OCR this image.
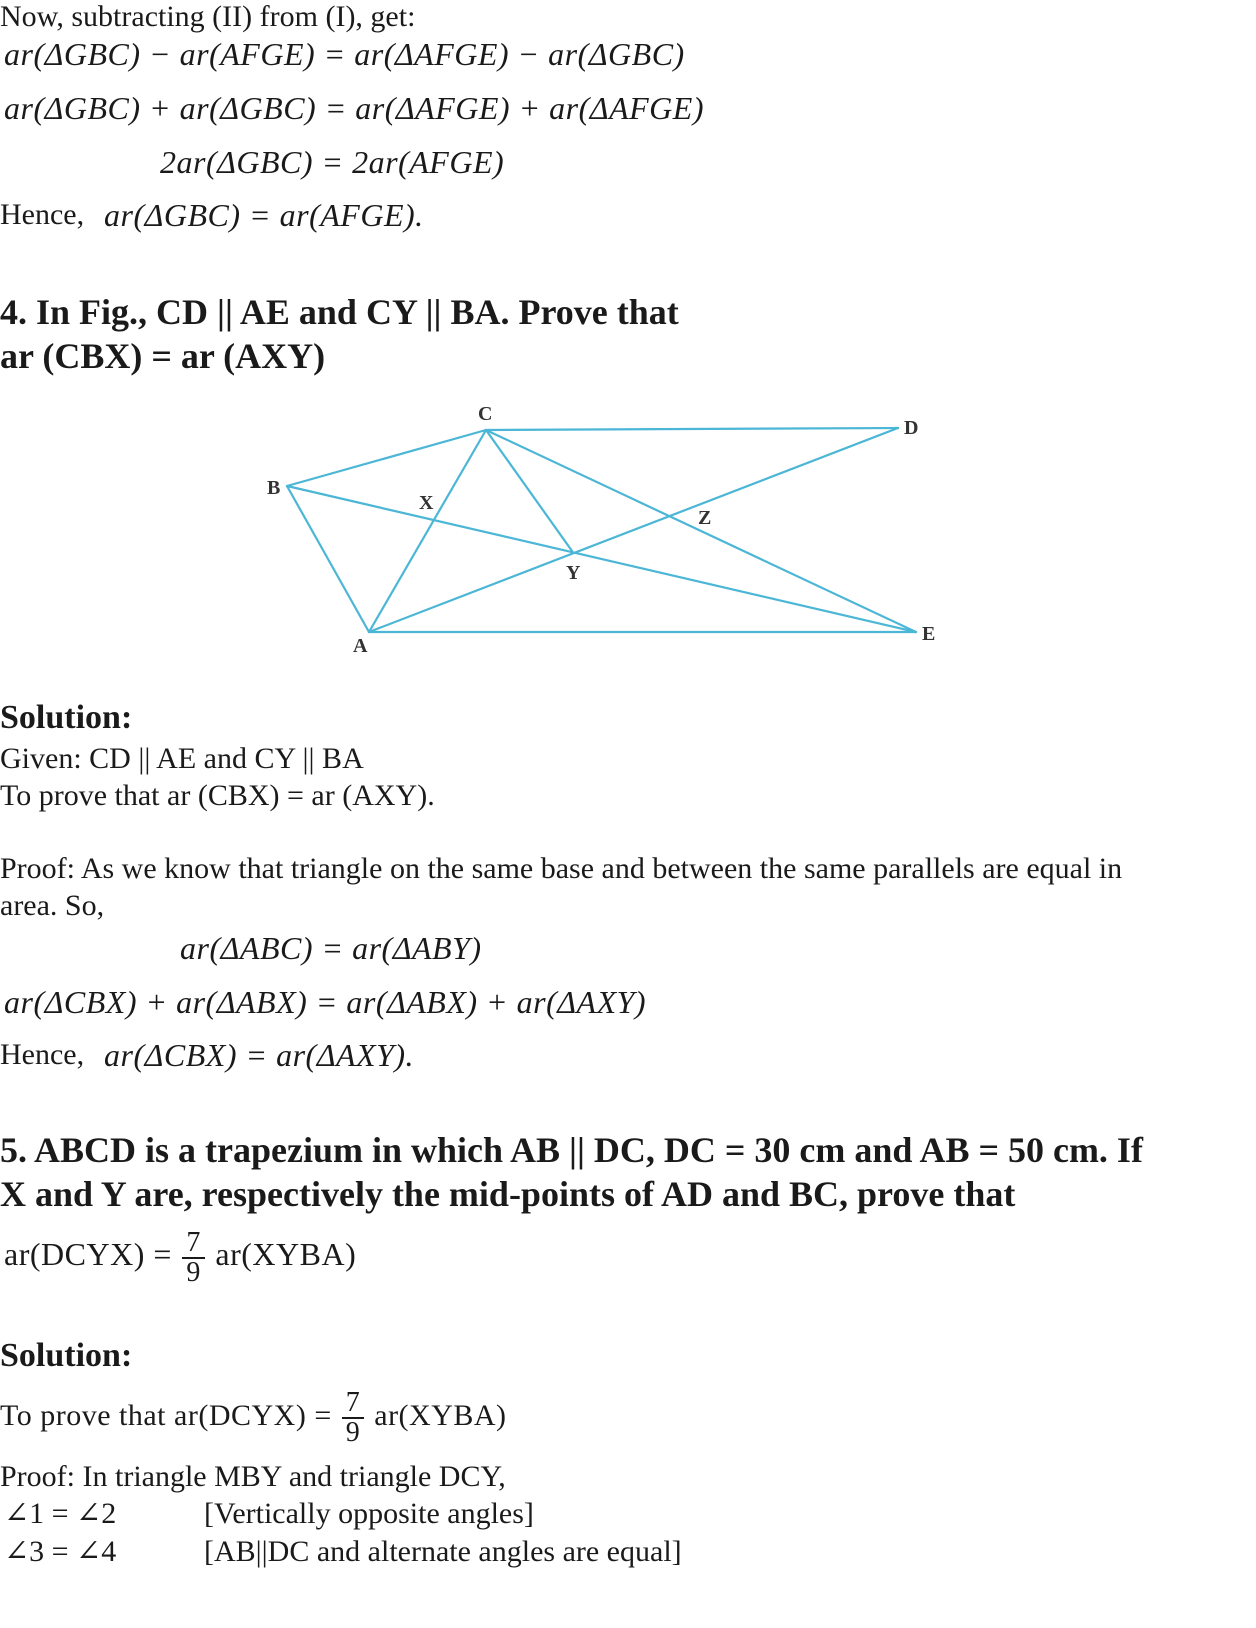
Now, subtracting (II) from (I), get:
ar(ΔGBC) − ar(AFGE) = ar(ΔAFGE) − ar(ΔGBC)
ar(ΔGBC) + ar(ΔGBC) = ar(ΔAFGE) + ar(ΔAFGE)
2ar(ΔGBC) = 2ar(AFGE)
Hence, ar(ΔGBC) = ar(AFGE).
4. In Fig., CD || AE and CY || BA. Prove that
ar (CBX) = ar (AXY)
A
B
C
D
E
X
Y
Z
Solution:
Given: CD || AE and CY || BA
To prove that ar (CBX) = ar (AXY).
Proof: As we know that triangle on the same base and between the same parallels are equal in
area. So,
ar(ΔABC) = ar(ΔABY)
ar(ΔCBX) + ar(ΔABX) = ar(ΔABX) + ar(ΔAXY)
Hence, ar(ΔCBX) = ar(ΔAXY).
5. ABCD is a trapezium in which AB || DC, DC = 30 cm and AB = 50 cm. If
X and Y are, respectively the mid-points of AD and BC, prove that
ar(DCYX) = $\frac{7}{9}$ ar(XYBA)
Solution:
To prove that ar(DCYX) = $\frac{7}{9}$ ar(XYBA)
Proof: In triangle MBY and triangle DCY,
∠1 = ∠2	[Vertically opposite angles]
∠3 = ∠4	[AB||DC and alternate angles are equal]
